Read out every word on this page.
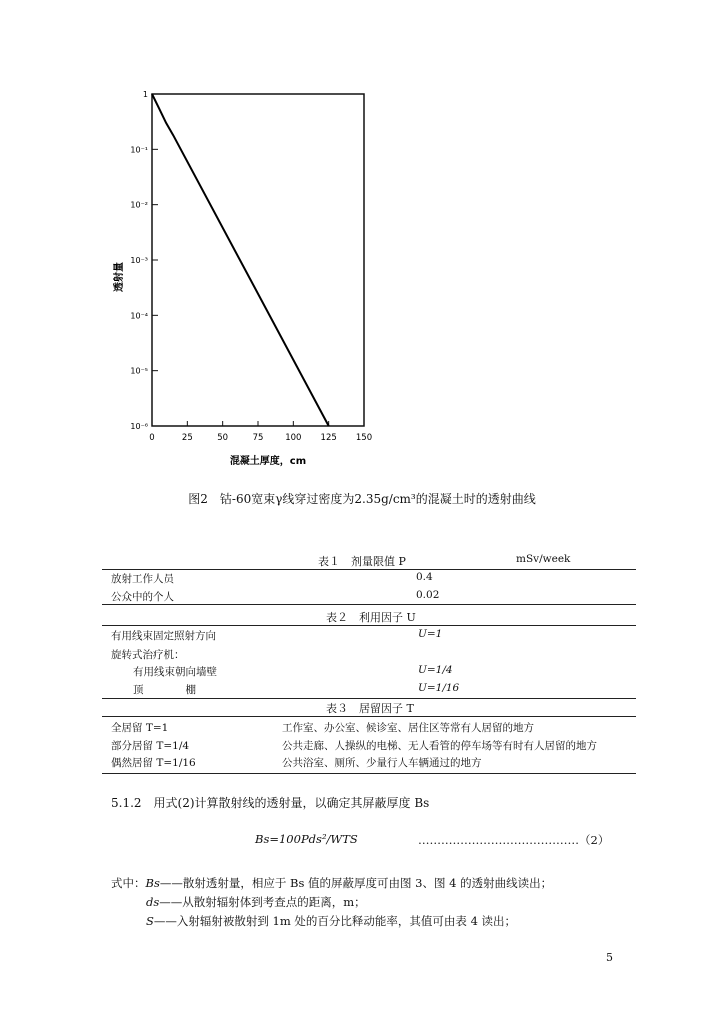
1
10⁻¹
10⁻²
10⁻³
10⁻⁴
10⁻⁵
10⁻⁶
0	25	50	75	100 125 150
透射量
混凝土厚度，cm
图2　钴-60宽束γ线穿过密度为2.35g/cm³的混凝土时的透射曲线
表１　剂量限值 P	mSv/week
放射工作人员	0.4
公众中的个人	0.02
表２　利用因子 U
有用线束固定照射方向	U=1
旋转式治疗机：
有用线束朝向墙壁	U=1/4
顶　　　　棚	U=1/16
表３　居留因子 T
全居留 T=1	工作室、办公室、候诊室、居住区等常有人居留的地方
部分居留 T=1/4	公共走廊、人操纵的电梯、无人看管的停车场等有时有人居留的地方
偶然居留 T=1/16	公共浴室、厕所、少量行人车辆通过的地方
5.1.2　用式(2)计算散射线的透射量，以确定其屏蔽厚度 Bs
Bs=100Pds²/WTS	……………………………………（2）
式中：Bs——散射透射量，相应于 Bs 值的屏蔽厚度可由图 3、图 4 的透射曲线读出；
ds——从散射辐射体到考查点的距离，m；
S——入射辐射被散射到 1m 处的百分比释动能率，其值可由表 4 读出；
5
